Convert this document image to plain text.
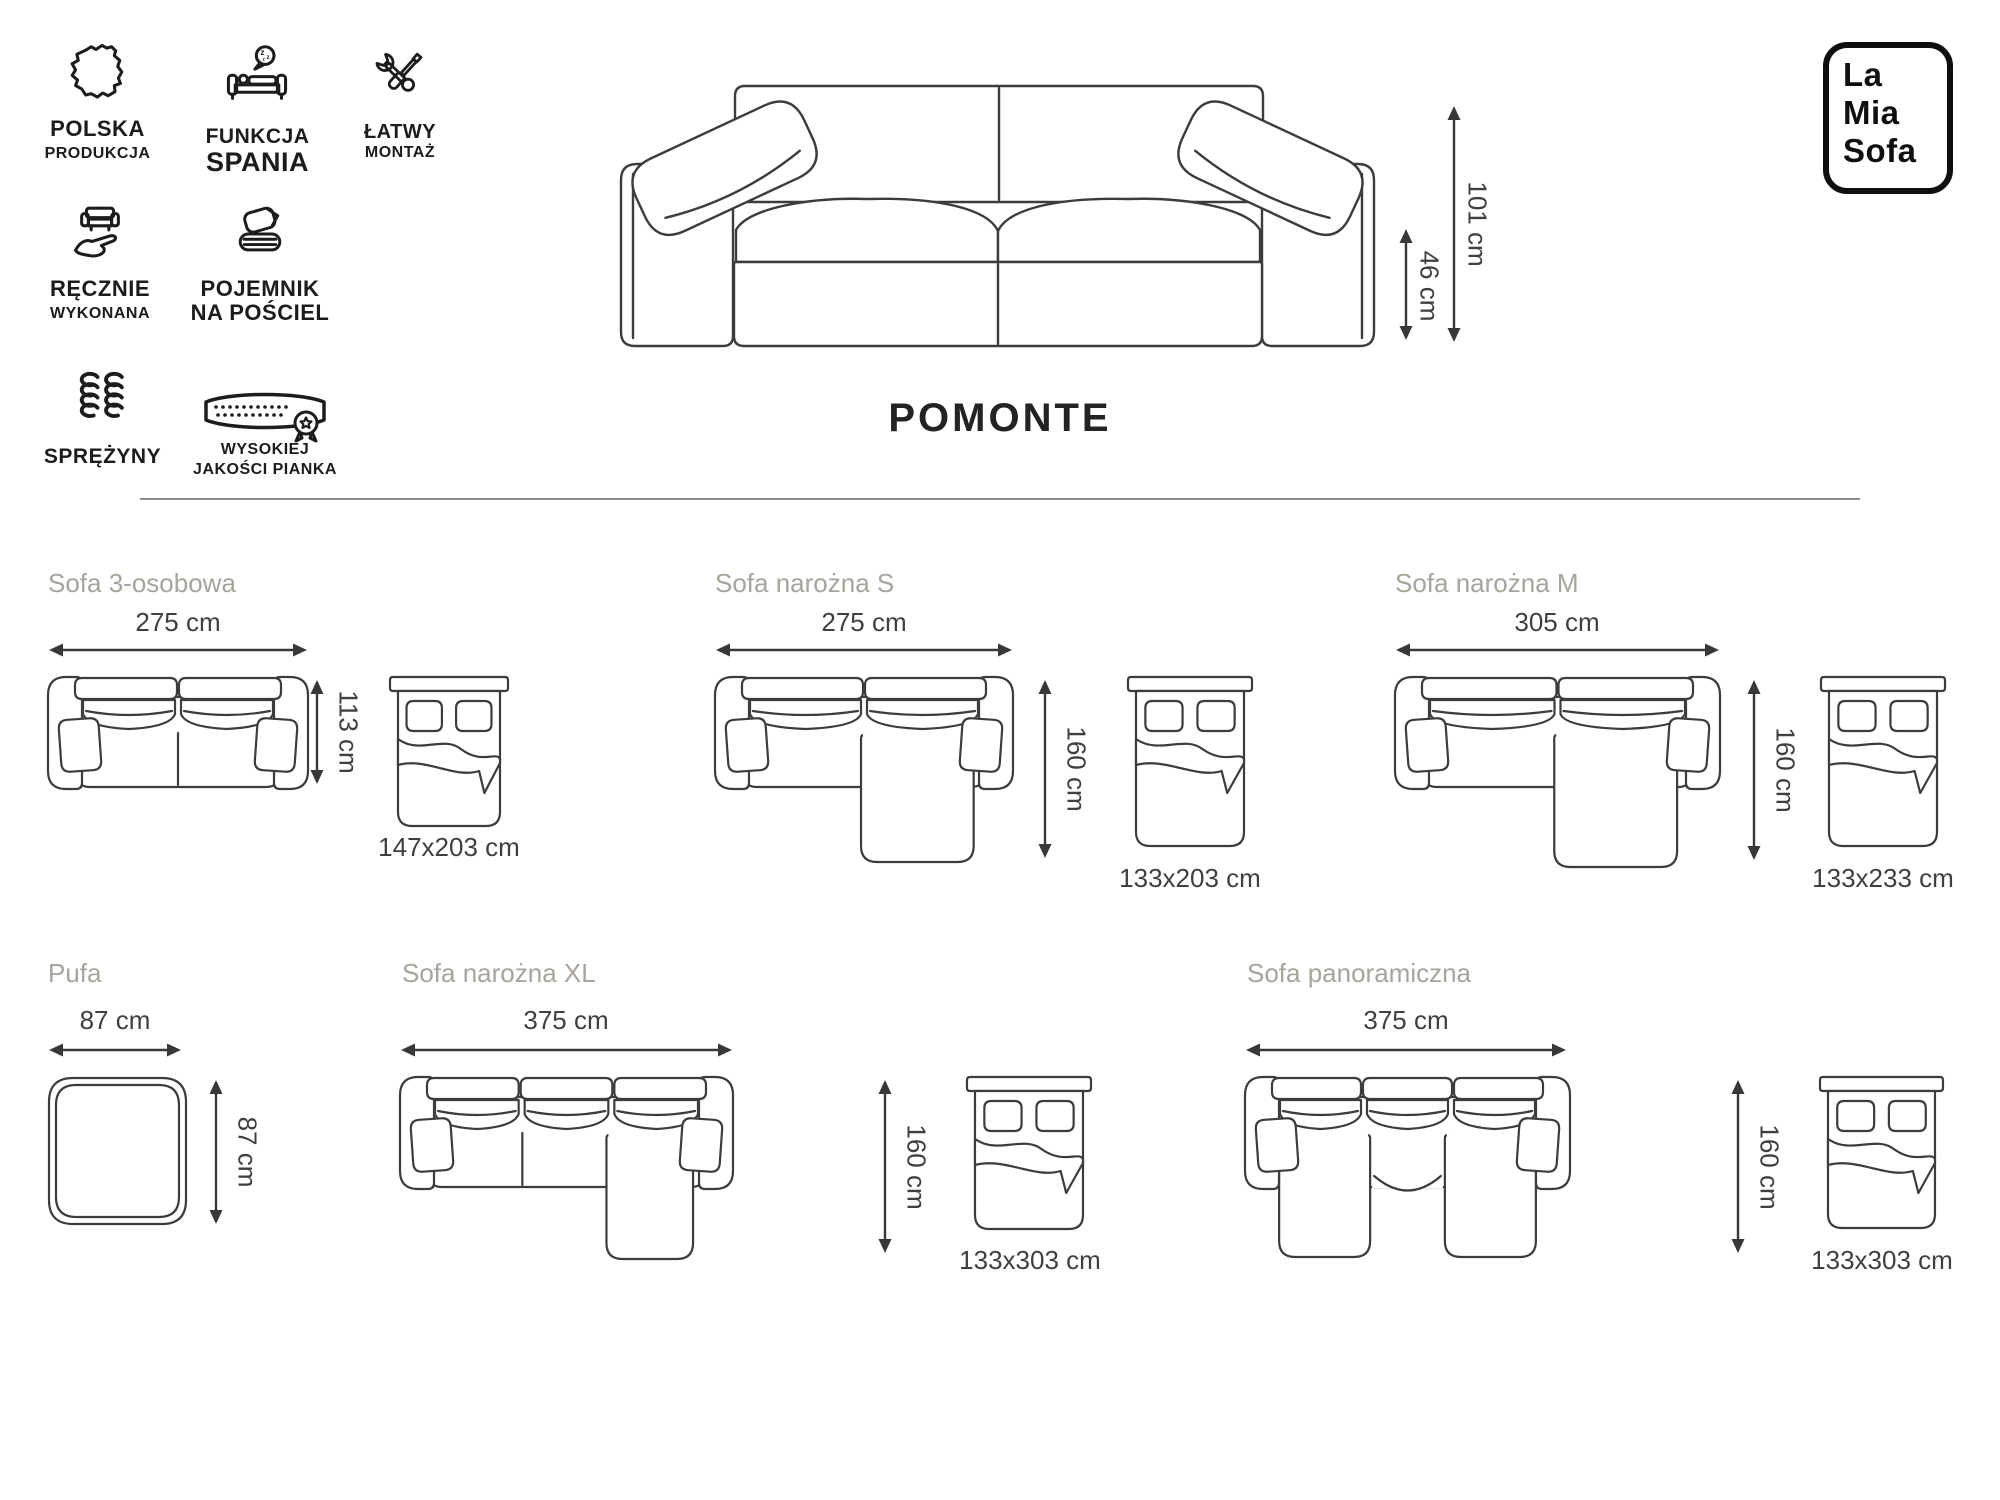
POLSKA
PRODUKCJA
z
z
z
FUNKCJA
SPANIA
ŁATWY
MONTAŻ
RĘCZNIE
WYKONANA
POJEMNIK
NA POŚCIEL
SPRĘŻYNY	WYSOKIEJ
JAKOŚCI PIANKA
101 cm
46 cm
POMONTE
La
Mia
Sofa
Sofa 3-osobowa
275 cm
113 cm
147x203 cm
Sofa narożna S
275 cm
160 cm
133x203 cm
Sofa narożna M
305 cm
160 cm
133x233 cm
Pufa
87 cm
87 cm
Sofa narożna XL
375 cm
160 cm
133x303 cm
Sofa panoramiczna
375 cm
160 cm
133x303 cm
